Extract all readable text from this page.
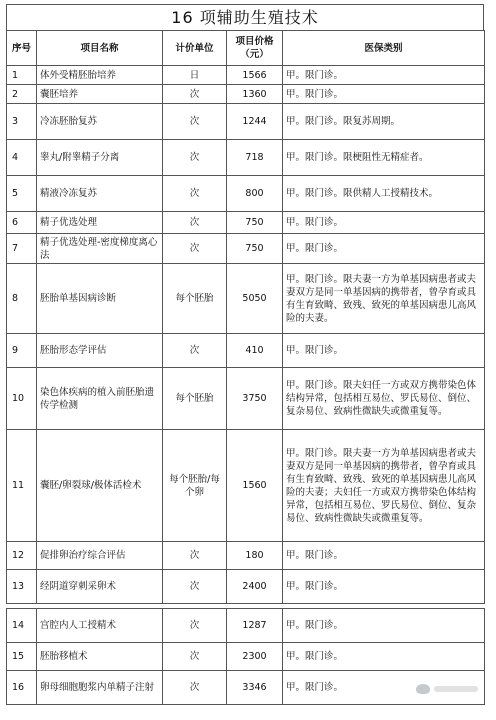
16 项辅助生殖技术
序号	项目名称	计价单位	项目价格（元）	医保类别
1	体外受精胚胎培养	日	1566	甲。限门诊。
2	囊胚培养	次	1360	甲。限门诊。
3	冷冻胚胎复苏	次	1244	甲。限门诊。限复苏周期。
4	睾丸/附睾精子分离	次	718	甲。限门诊。限梗阻性无精症者。
5	精液冷冻复苏	次	800	甲。限门诊。限供精人工授精技术。
6	精子优选处理	次	750	甲。限门诊。
7	精子优选处理-密度梯度离心法	次	750	甲。限门诊。
8	胚胎单基因病诊断	每个胚胎	5050	甲。限门诊。限夫妻一方为单基因病患者或夫妻双方是同一单基因病的携带者，曾孕育或具有生育致畸、致残、致死的单基因病患儿高风险的夫妻。
9	胚胎形态学评估	次	410	甲。限门诊。
10	染色体疾病的植入前胚胎遗传学检测	每个胚胎	3750	甲。限门诊。限夫妇任一方或双方携带染色体结构异常，包括相互易位、罗氏易位、倒位、复杂易位、致病性微缺失或微重复等。
11	囊胚/卵裂球/极体活检术	每个胚胎/每个卵	1560	甲。限门诊。限夫妻一方为单基因病患者或夫妻双方是同一单基因病的携带者，曾孕育或具有生育致畸、致残、致死的单基因病患儿高风险的夫妻；夫妇任一方或双方携带染色体结构异常，包括相互易位、罗氏易位、倒位、复杂易位、致病性微缺失或微重复等。
12	促排卵治疗综合评估	次	180	甲。限门诊。
13	经阴道穿刺采卵术	次	2400	甲。限门诊。

14	宫腔内人工授精术	次	1287	甲。限门诊。
15	胚胎移植术	次	2300	甲。限门诊。
16	卵母细胞胞浆内单精子注射	次	3346	甲。限门诊。
